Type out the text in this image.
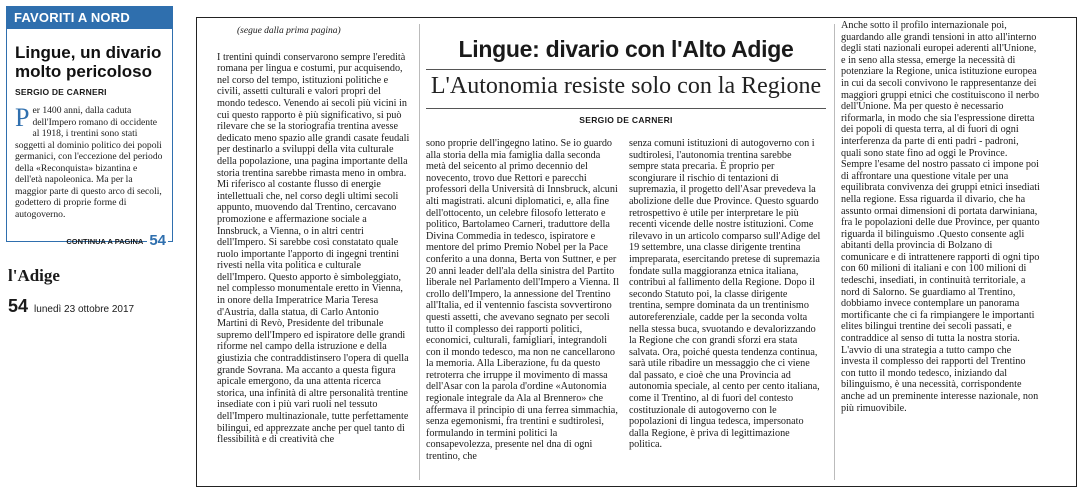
FAVORITI A NORD
Lingue, un divario molto pericoloso
SERGIO DE CARNERI

Per 1400 anni, dalla caduta dell'Impero romano di occidente al 1918, i trentini sono stati soggetti al dominio politico dei popoli germanici, con l'eccezione del periodo della «Reconquista» bizantina e dell'età napoleonica. Ma per la maggior parte di questo arco di secoli, godettero di proprie forme di autogoverno.

CONTINUA A PAGINA 54
l'Adige
54 lunedì 23 ottobre 2017
(segue dalla prima pagina)

I trentini quindi conservarono sempre l'eredità romana per lingua e costumi, pur acquisendo, nel corso del tempo, istituzioni politiche e civili, assetti culturali e valori propri del mondo tedesco. Venendo ai secoli più vicini in cui questo rapporto è più significativo, si può rilevare che se la storiografia trentina avesse dedicato meno spazio alle grandi casate feudali per destinarlo a sviluppi della vita culturale della popolazione, una pagina importante della storia trentina sarebbe rimasta meno in ombra. Mi riferisco al costante flusso di energie intellettuali che, nel corso degli ultimi secoli appunto, muovendo dal Trentino, cercavano promozione e affermazione sociale a Innsbruck, a Vienna, o in altri centri dell'Impero. Si sarebbe così constatato quale ruolo importante l'apporto di ingegni trentini rivesti nella vita politica e culturale dell'Impero. Questo apporto è simboleggiato, nel complesso monumentale eretto in Vienna, in onore della Imperatrice Maria Teresa d'Austria, dalla statua, di Carlo Antonio Martini di Revò, Presidente del tribunale supremo dell'Impero ed ispiratore delle grandi riforme nel campo della istruzione e della giustizia che contraddistinsero l'opera di quella grande Sovrana. Ma accanto a questa figura apicale emergono, da una attenta ricerca storica, una infinità di altre personalità trentine insediate con i più vari ruoli nel tessuto dell'Impero multinazionale, tutte perfettamente bilingui, ed apprezzate anche per quel tanto di flessibilità e di creatività che

Lingue: divario con l'Alto Adige
L'Autonomia resiste solo con la Regione
SERGIO DE CARNERI

sono proprie dell'ingegno latino. Se io guardo alla storia della mia famiglia dalla seconda metà del seicento al primo decennio del novecento, trovo due Rettori e parecchi professori della Università di Innsbruck, alcuni alti magistrati. alcuni diplomatici, e, alla fine dell'ottocento, un celebre filosofo letterato e politico, Bartolameo Carneri, traduttore della Divina Commedia in tedesco, ispiratore e mentore del primo Premio Nobel per la Pace conferito a una donna, Berta von Suttner, e per 20 anni leader dell'ala della sinistra del Partito liberale nel Parlamento dell'Impero a Vienna. Il crollo dell'Impero, la annessione del Trentino all'Italia, ed il ventennio fascista sovvertirono questi assetti, che avevano segnato per secoli tutto il complesso dei rapporti politici, economici, culturali, famigliari, integrandoli con il mondo tedesco, ma non ne cancellarono la memoria. Alla Liberazione, fu da questo retroterra che irruppe il movimento di massa dell'Asar con la parola d'ordine «Autonomia regionale integrale da Ala al Brennero» che affermava il principio di una ferrea simmachia, senza egemonismi, fra trentini e sudtirolesi, formulando in termini politici la consapevolezza, presente nel dna di ogni trentino, che

senza comuni istituzioni di autogoverno con i sudtirolesi, l'autonomia trentina sarebbe sempre stata precaria. È proprio per scongiurare il rischio di tentazioni di supremazia, il progetto dell'Asar prevedeva la abolizione delle due Province. Questo sguardo retrospettivo è utile per interpretare le più recenti vicende delle nostre istituzioni. Come rilevavo in un articolo comparso sull'Adige del 19 settembre, una classe dirigente trentina impreparata, esercitando pretese di supremazia fondate sulla maggioranza etnica italiana, contribuì al fallimento della Regione. Dopo il secondo Statuto poi, la classe dirigente trentina, sempre dominata da un trentinismo autoreferenziale, cadde per la seconda volta nella stessa buca, svuotando e devalorizzando la Regione che con grandi sforzi era stata salvata. Ora, poiché questa tendenza continua, sarà utile ribadire un messaggio che ci viene dal passato, e cioè che una Provincia ad autonomia speciale, al cento per cento italiana, come il Trentino, al di fuori del contesto costituzionale di autogoverno con le popolazioni di lingua tedesca, impersonato dalla Regione, è priva di legittimazione politica.

Anche sotto il profilo internazionale poi, guardando alle grandi tensioni in atto all'interno degli stati nazionali europei aderenti all'Unione, e in seno alla stessa, emerge la necessità di potenziare la Regione, unica istituzione europea in cui da secoli convivono le rappresentanze dei maggiori gruppi etnici che costituiscono il nerbo dell'Unione. Ma per questo è necessario riformarla, in modo che sia l'espressione diretta dei popoli di questa terra, al di fuori di ogni interferenza da parte di enti padri - padroni, quali sono state fino ad oggi le Province. Sempre l'esame del nostro passato ci impone poi di affrontare una questione vitale per una equilibrata convivenza dei gruppi etnici insediati nella regione. Essa riguarda il divario, che ha assunto ormai dimensioni di portata darwiniana, fra le popolazioni delle due Province, per quanto riguarda il bilinguismo .Questo consente agli abitanti della provincia di Bolzano di comunicare e di intrattenere rapporti di ogni tipo con 60 milioni di italiani e con 100 milioni di tedeschi, insediati, in continuità territoriale, a nord di Salorno. Se guardiamo al Trentino, dobbiamo invece contemplare un panorama mortificante che ci fa rimpiangere le importanti elites bilingui trentine dei secoli passati, e contraddice al senso di tutta la nostra storia. L'avvio di una strategia a tutto campo che investa il complesso dei rapporti del Trentino con tutto il mondo tedesco, iniziando dal bilinguismo, è una necessità, corrispondente anche ad un preminente interesse nazionale, non più rimuovibile.
